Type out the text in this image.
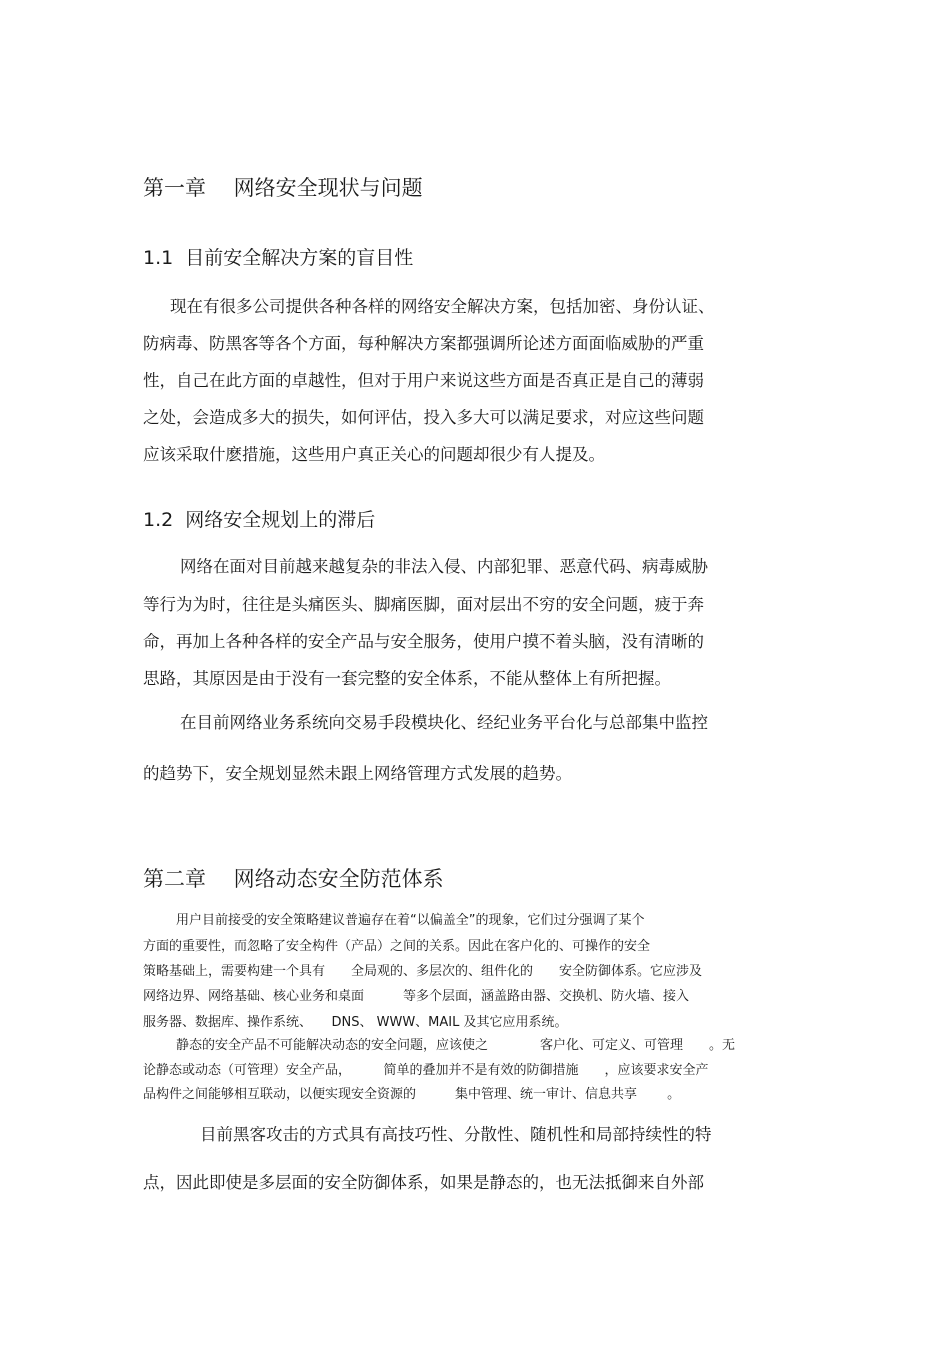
第一章　 网络安全现状与问题
1.1  目前安全解决方案的盲目性
现在有很多公司提供各种各样的网络安全解决方案，包括加密、身份认证、
防病毒、防黑客等各个方面，每种解决方案都强调所论述方面面临威胁的严重
性，自己在此方面的卓越性，但对于用户来说这些方面是否真正是自己的薄弱
之处，会造成多大的损失，如何评估，投入多大可以满足要求，对应这些问题
应该采取什麽措施，这些用户真正关心的问题却很少有人提及。
1.2  网络安全规划上的滞后
网络在面对目前越来越复杂的非法入侵、内部犯罪、恶意代码、病毒威胁
等行为为时，往往是头痛医头、脚痛医脚，面对层出不穷的安全问题，疲于奔
命，再加上各种各样的安全产品与安全服务，使用户摸不着头脑，没有清晰的
思路，其原因是由于没有一套完整的安全体系，不能从整体上有所把握。
在目前网络业务系统向交易手段模块化、经纪业务平台化与总部集中监控
的趋势下，安全规划显然未跟上网络管理方式发展的趋势。
第二章　 网络动态安全防范体系
用户目前接受的安全策略建议普遍存在着“以偏盖全”的现象，它们过分强调了某个
方面的重要性，而忽略了安全构件（产品）之间的关系。因此在客户化的、可操作的安全
策略基础上，需要构建一个具有　　全局观的、多层次的、组件化的　　安全防御体系。它应涉及
网络边界、网络基础、核心业务和桌面　　　等多个层面，涵盖路由器、交换机、防火墙、接入
服务器、数据库、操作系统、　　DNS、 WWW、MAIL 及其它应用系统。
静态的安全产品不可能解决动态的安全问题，应该使之　　　　客户化、可定义、可管理　　。无
论静态或动态（可管理）安全产品，　　　简单的叠加并不是有效的防御措施　　，应该要求安全产
品构件之间能够相互联动，以便实现安全资源的　　　集中管理、统一审计、信息共享　　 。
目前黑客攻击的方式具有高技巧性、分散性、随机性和局部持续性的特
点，因此即使是多层面的安全防御体系，如果是静态的，也无法抵御来自外部
